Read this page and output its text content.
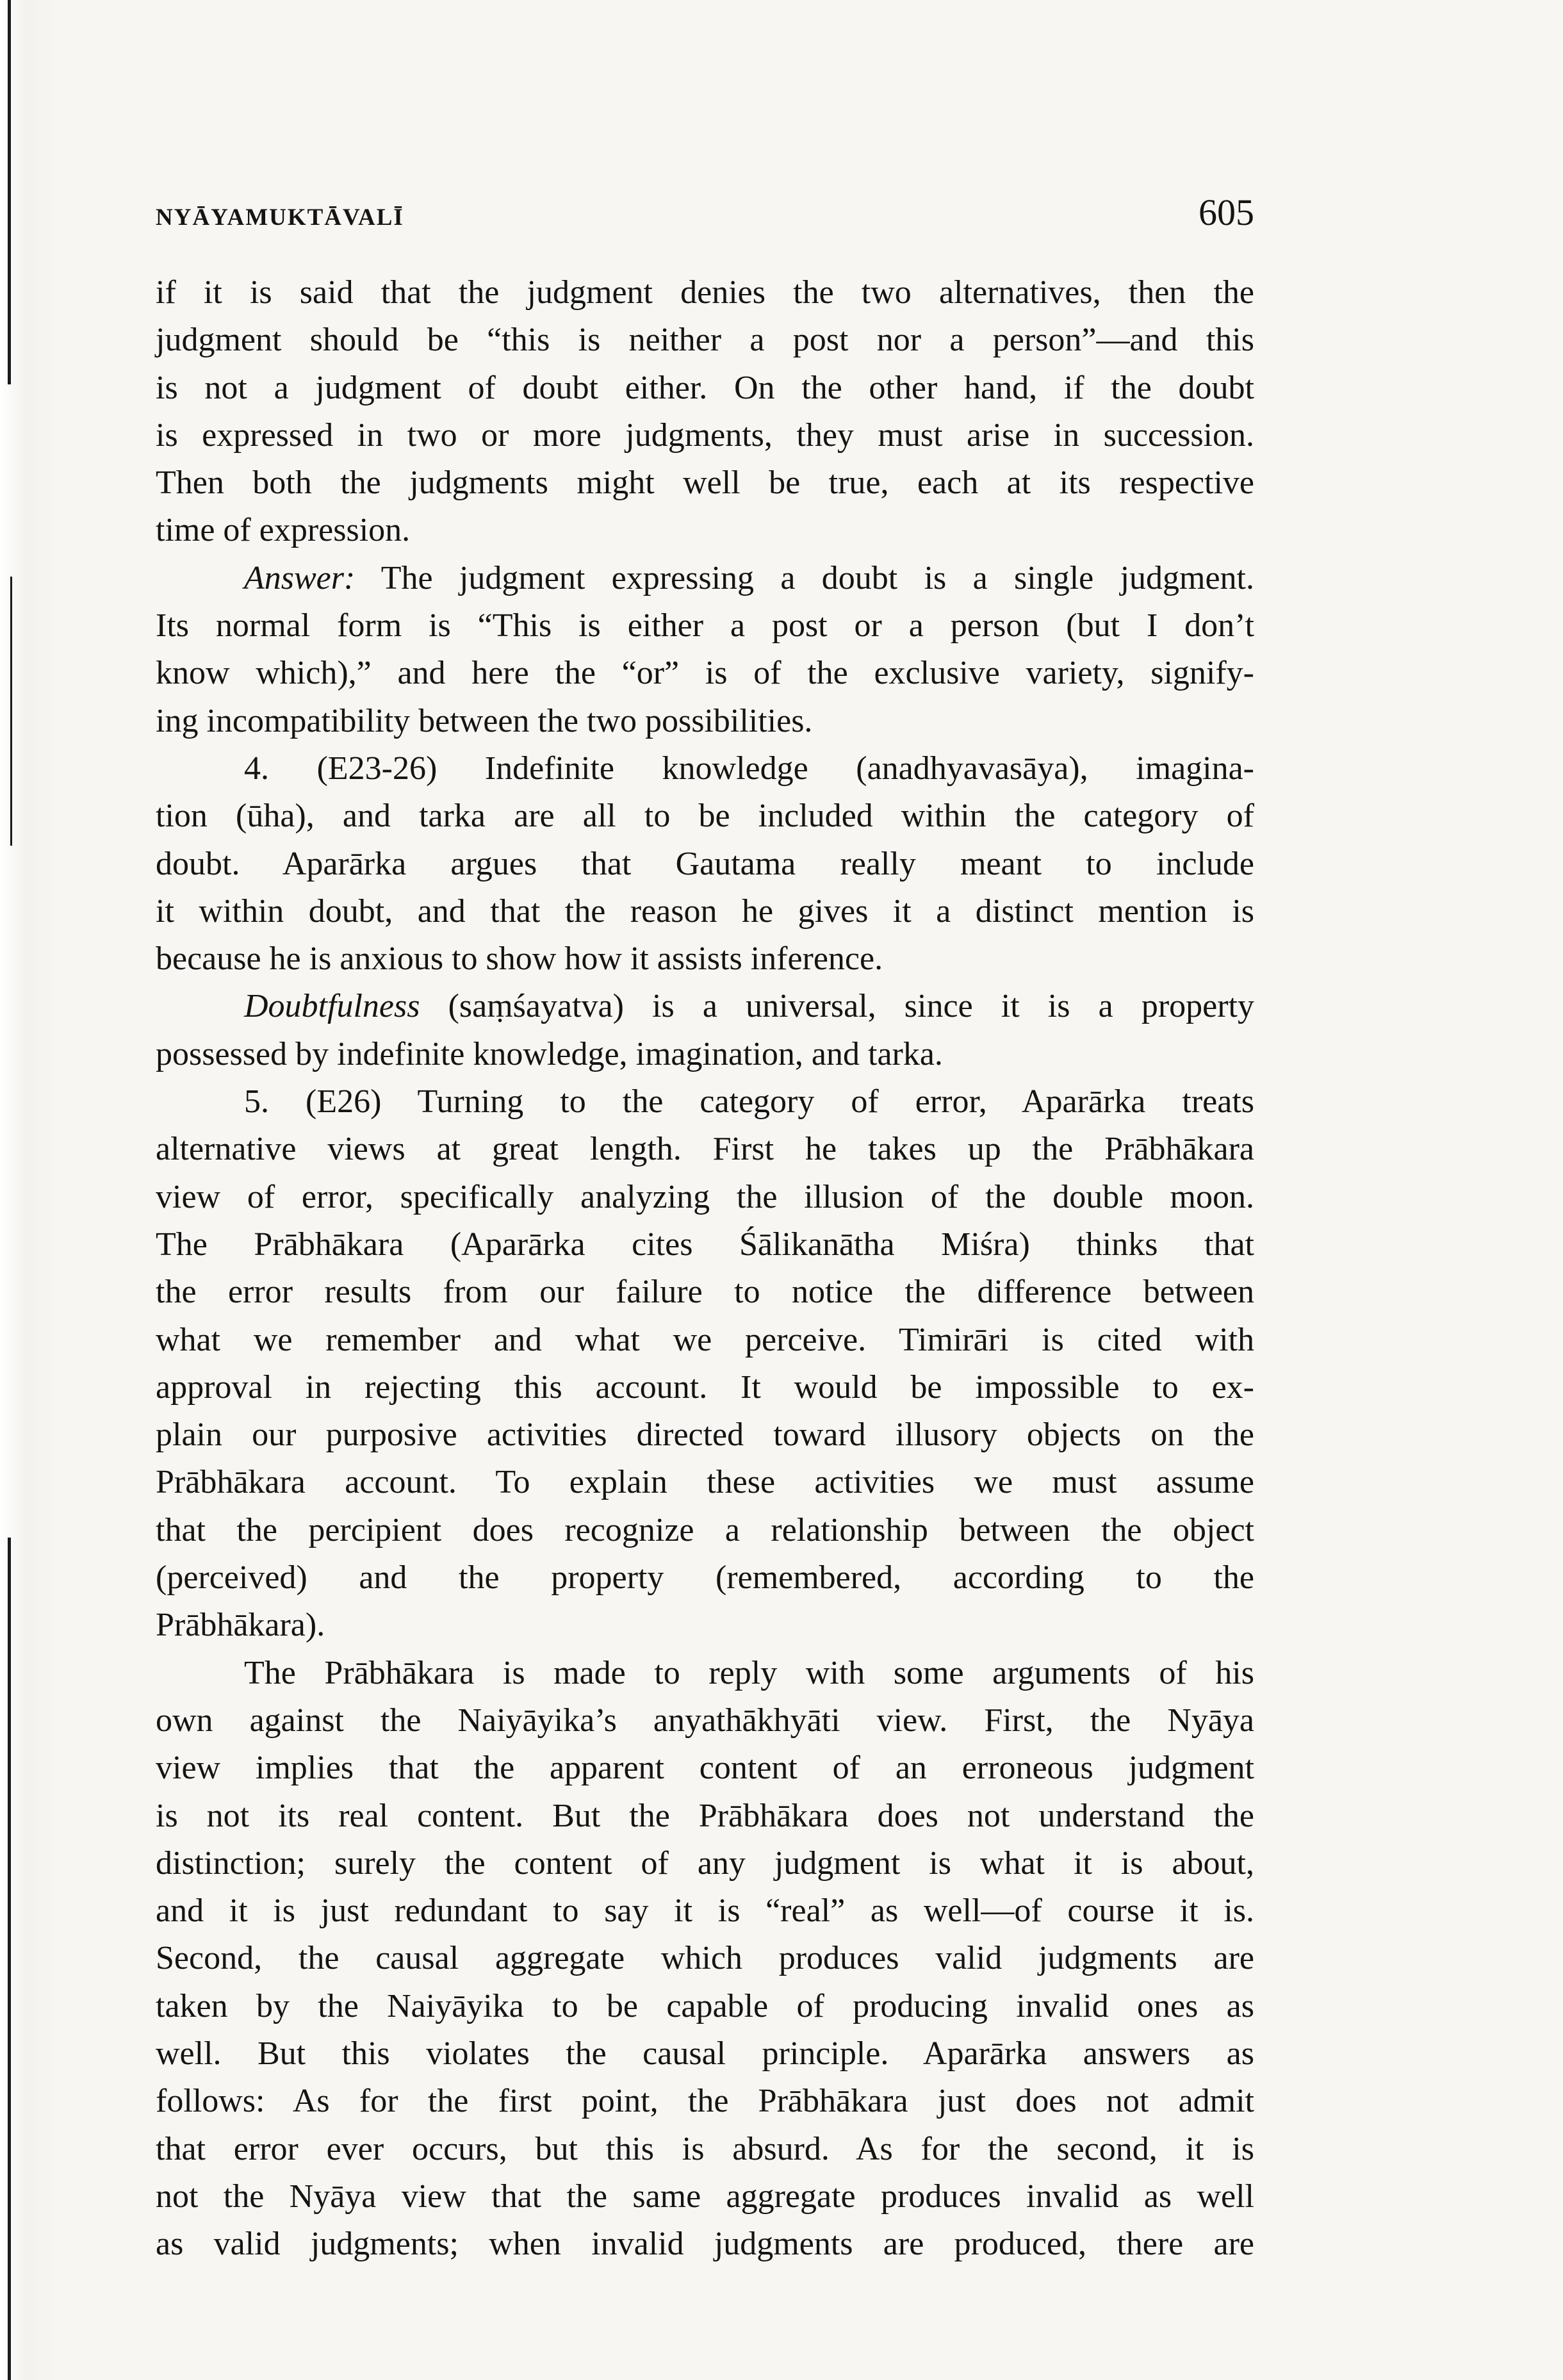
NYĀYAMUKTĀVALĪ	605
if it is said that the judgment denies the two alternatives, then the
judgment should be “this is neither a post nor a person”—and this
is not a judgment of doubt either. On the other hand, if the doubt
is expressed in two or more judgments, they must arise in succession.
Then both the judgments might well be true, each at its respective
time of expression.
Answer: The judgment expressing a doubt is a single judgment.
Its normal form is “This is either a post or a person (but I don’t
know which),” and here the “or” is of the exclusive variety, signify-
ing incompatibility between the two possibilities.
4. (E23-26) Indefinite knowledge (anadhyavasāya), imagina-
tion (ūha), and tarka are all to be included within the category of
doubt. Aparārka argues that Gautama really meant to include
it within doubt, and that the reason he gives it a distinct mention is
because he is anxious to show how it assists inference.
Doubtfulness (saṃśayatva) is a universal, since it is a property
possessed by indefinite knowledge, imagination, and tarka.
5. (E26) Turning to the category of error, Aparārka treats
alternative views at great length. First he takes up the Prābhākara
view of error, specifically analyzing the illusion of the double moon.
The Prābhākara (Aparārka cites Śālikanātha Miśra) thinks that
the error results from our failure to notice the difference between
what we remember and what we perceive. Timirāri is cited with
approval in rejecting this account. It would be impossible to ex-
plain our purposive activities directed toward illusory objects on the
Prābhākara account. To explain these activities we must assume
that the percipient does recognize a relationship between the object
(perceived) and the property (remembered, according to the
Prābhākara).
The Prābhākara is made to reply with some arguments of his
own against the Naiyāyika’s anyathākhyāti view. First, the Nyāya
view implies that the apparent content of an erroneous judgment
is not its real content. But the Prābhākara does not understand the
distinction; surely the content of any judgment is what it is about,
and it is just redundant to say it is “real” as well—of course it is.
Second, the causal aggregate which produces valid judgments are
taken by the Naiyāyika to be capable of producing invalid ones as
well. But this violates the causal principle. Aparārka answers as
follows: As for the first point, the Prābhākara just does not admit
that error ever occurs, but this is absurd. As for the second, it is
not the Nyāya view that the same aggregate produces invalid as well
as valid judgments; when invalid judgments are produced, there are
